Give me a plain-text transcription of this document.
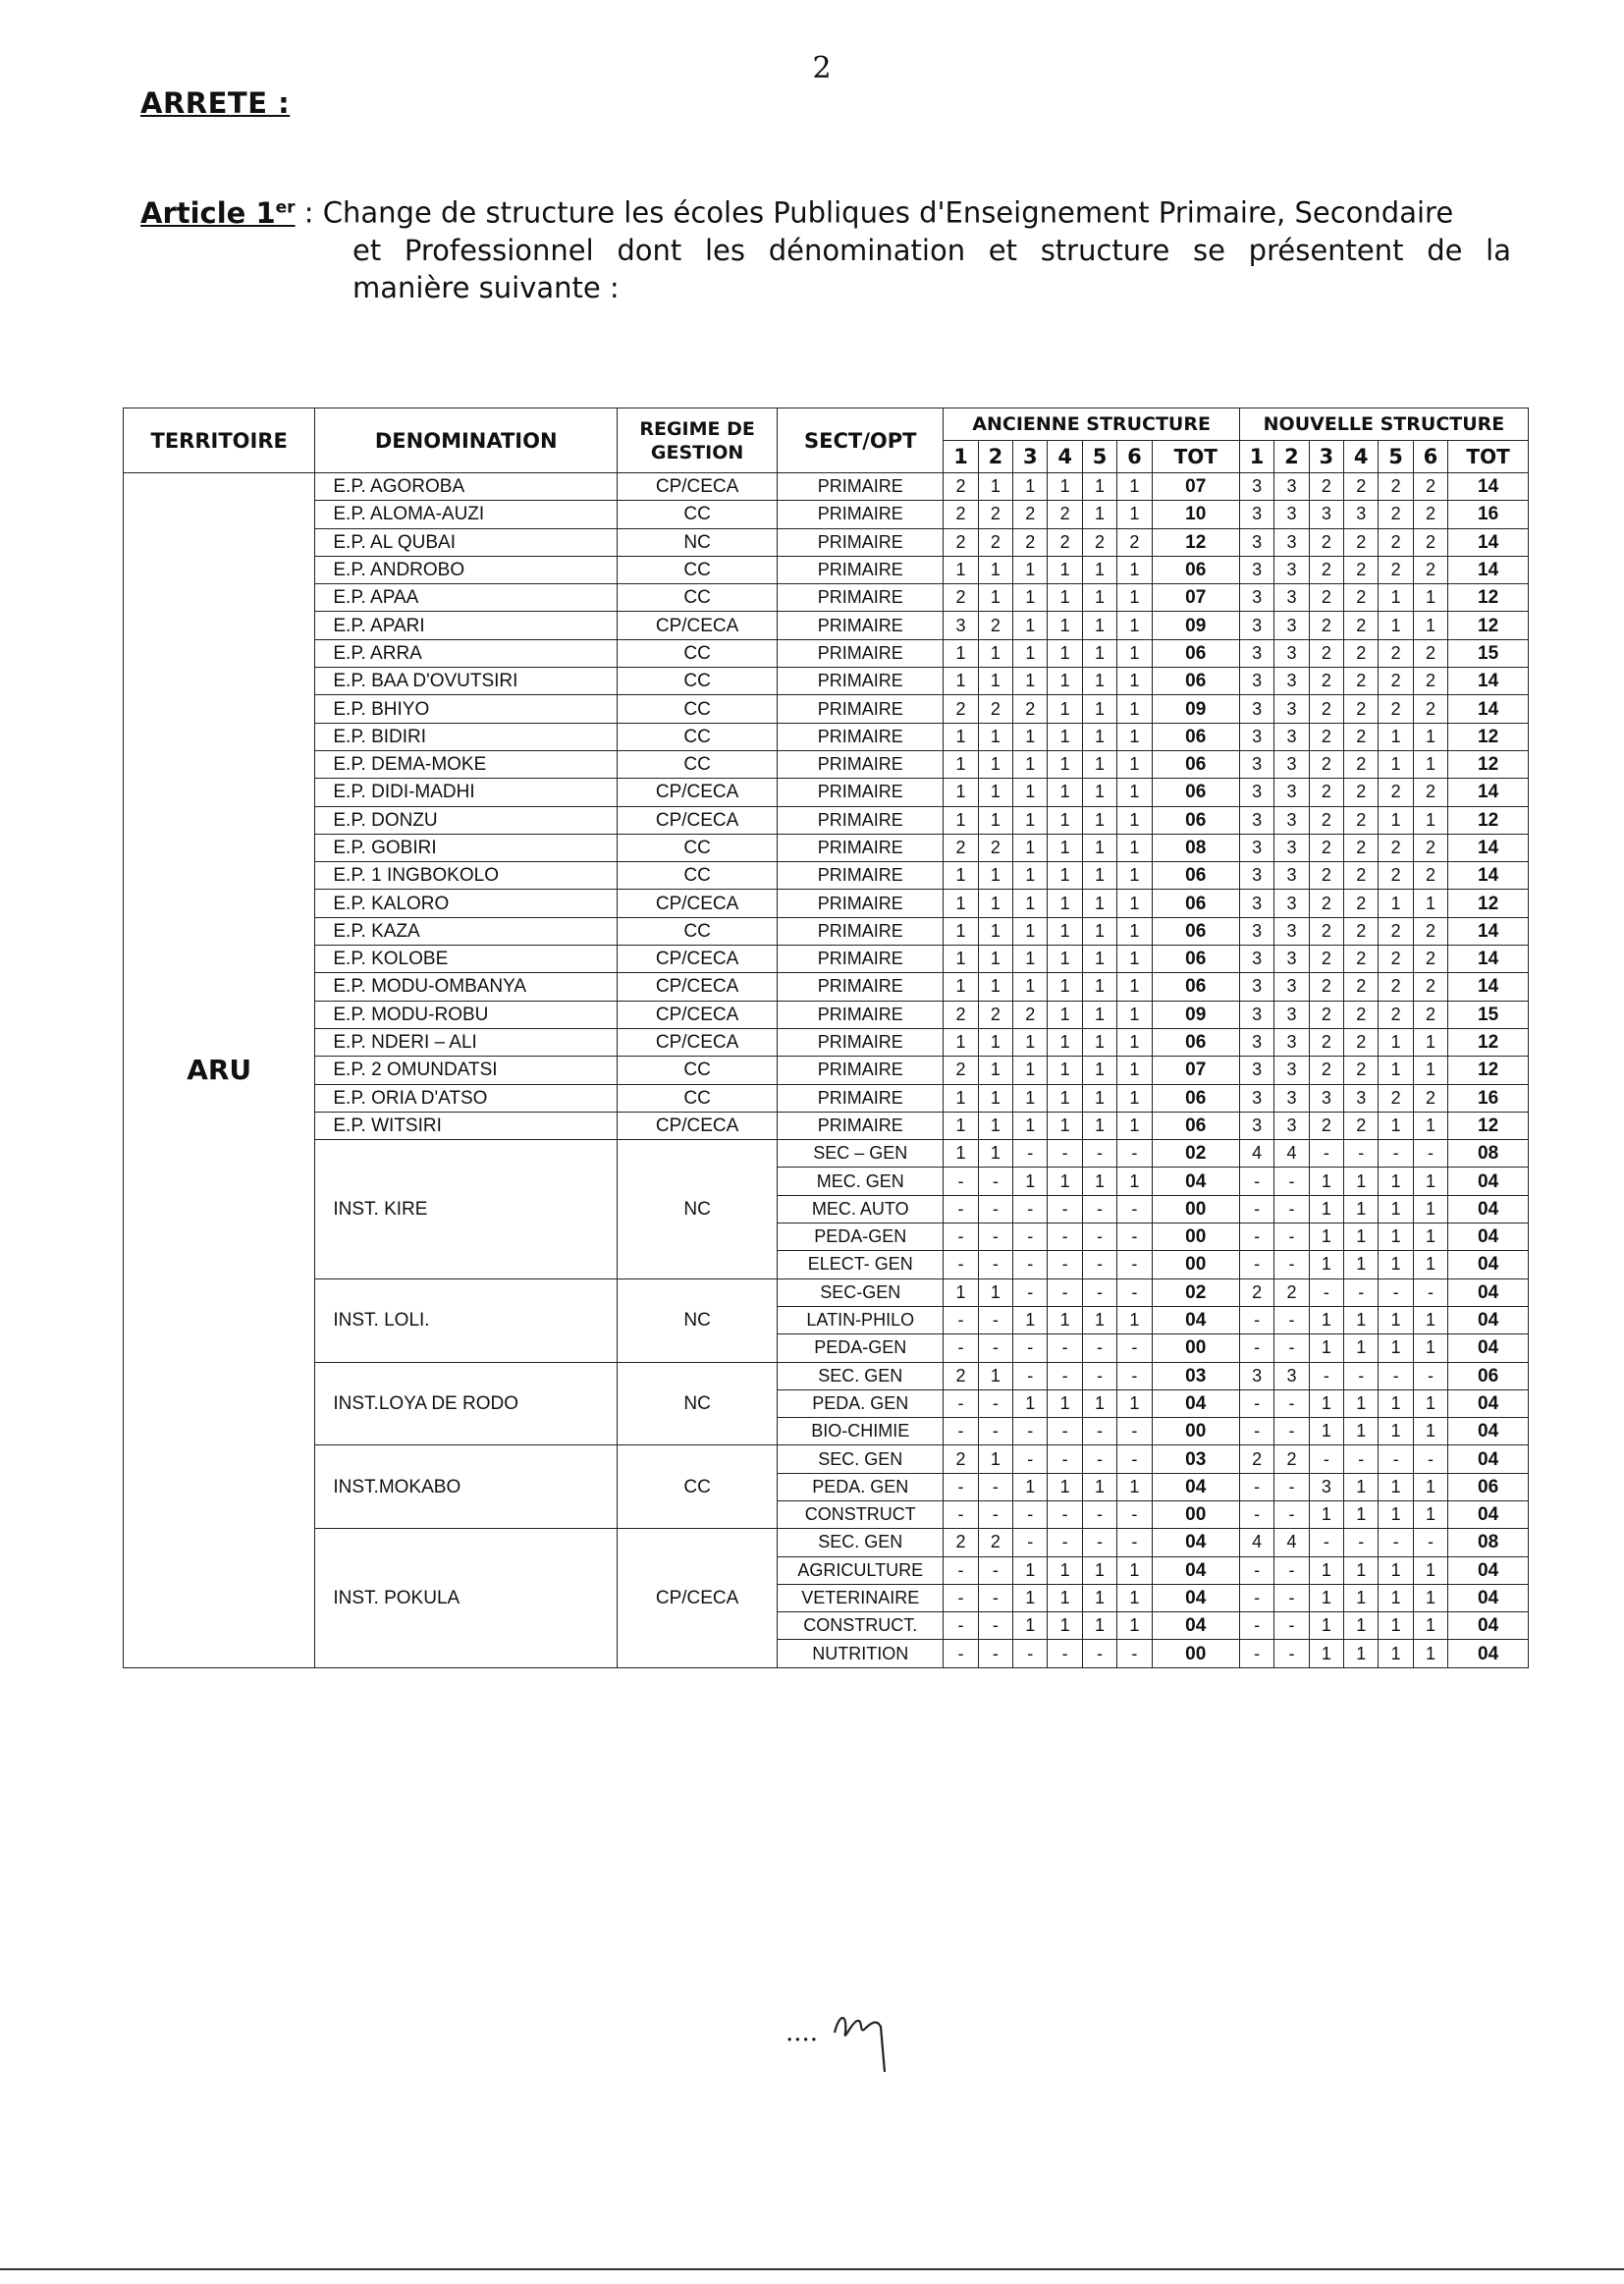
2
ARRETE :
Article 1er : Change de structure les écoles Publiques d'Enseignement Primaire, Secondaire
et Professionnel dont les dénomination et structure se présentent de la
manière suivante :
TERRITOIRE	DENOMINATION	REGIME DE GESTION	SECT/OPT	ANCIENNE STRUCTURE							NOUVELLE STRUCTURE						
				1	2	3	4	5	6	TOT	1	2	3	4	5	6	TOT
ARU	E.P. AGOROBA	CP/CECA	PRIMAIRE	2	1	1	1	1	1	07	3	3	2	2	2	2	14
	E.P. ALOMA-AUZI	CC	PRIMAIRE	2	2	2	2	1	1	10	3	3	3	3	2	2	16
	E.P. AL QUBAI	NC	PRIMAIRE	2	2	2	2	2	2	12	3	3	2	2	2	2	14
	E.P. ANDROBO	CC	PRIMAIRE	1	1	1	1	1	1	06	3	3	2	2	2	2	14
	E.P. APAA	CC	PRIMAIRE	2	1	1	1	1	1	07	3	3	2	2	1	1	12
	E.P. APARI	CP/CECA	PRIMAIRE	3	2	1	1	1	1	09	3	3	2	2	1	1	12
	E.P. ARRA	CC	PRIMAIRE	1	1	1	1	1	1	06	3	3	2	2	2	2	15
	E.P. BAA D'OVUTSIRI	CC	PRIMAIRE	1	1	1	1	1	1	06	3	3	2	2	2	2	14
	E.P. BHIYO	CC	PRIMAIRE	2	2	2	1	1	1	09	3	3	2	2	2	2	14
	E.P. BIDIRI	CC	PRIMAIRE	1	1	1	1	1	1	06	3	3	2	2	1	1	12
	E.P. DEMA-MOKE	CC	PRIMAIRE	1	1	1	1	1	1	06	3	3	2	2	1	1	12
	E.P. DIDI-MADHI	CP/CECA	PRIMAIRE	1	1	1	1	1	1	06	3	3	2	2	2	2	14
	E.P. DONZU	CP/CECA	PRIMAIRE	1	1	1	1	1	1	06	3	3	2	2	1	1	12
	E.P. GOBIRI	CC	PRIMAIRE	2	2	1	1	1	1	08	3	3	2	2	2	2	14
	E.P. 1 INGBOKOLO	CC	PRIMAIRE	1	1	1	1	1	1	06	3	3	2	2	2	2	14
	E.P. KALORO	CP/CECA	PRIMAIRE	1	1	1	1	1	1	06	3	3	2	2	1	1	12
	E.P. KAZA	CC	PRIMAIRE	1	1	1	1	1	1	06	3	3	2	2	2	2	14
	E.P. KOLOBE	CP/CECA	PRIMAIRE	1	1	1	1	1	1	06	3	3	2	2	2	2	14
	E.P. MODU-OMBANYA	CP/CECA	PRIMAIRE	1	1	1	1	1	1	06	3	3	2	2	2	2	14
	E.P. MODU-ROBU	CP/CECA	PRIMAIRE	2	2	2	1	1	1	09	3	3	2	2	2	2	15
	E.P. NDERI – ALI	CP/CECA	PRIMAIRE	1	1	1	1	1	1	06	3	3	2	2	1	1	12
	E.P. 2 OMUNDATSI	CC	PRIMAIRE	2	1	1	1	1	1	07	3	3	2	2	1	1	12
	E.P. ORIA D'ATSO	CC	PRIMAIRE	1	1	1	1	1	1	06	3	3	3	3	2	2	16
	E.P. WITSIRI	CP/CECA	PRIMAIRE	1	1	1	1	1	1	06	3	3	2	2	1	1	12
	INST. KIRE	NC	SEC – GEN	1	1	-	-	-	-	02	4	4	-	-	-	-	08
			MEC. GEN	-	-	1	1	1	1	04	-	-	1	1	1	1	04
			MEC. AUTO	-	-	-	-	-	-	00	-	-	1	1	1	1	04
			PEDA-GEN	-	-	-	-	-	-	00	-	-	1	1	1	1	04
			ELECT- GEN	-	-	-	-	-	-	00	-	-	1	1	1	1	04
	INST. LOLI.	NC	SEC-GEN	1	1	-	-	-	-	02	2	2	-	-	-	-	04
			LATIN-PHILO	-	-	1	1	1	1	04	-	-	1	1	1	1	04
			PEDA-GEN	-	-	-	-	-	-	00	-	-	1	1	1	1	04
	INST.LOYA DE RODO	NC	SEC. GEN	2	1	-	-	-	-	03	3	3	-	-	-	-	06
			PEDA. GEN	-	-	1	1	1	1	04	-	-	1	1	1	1	04
			BIO-CHIMIE	-	-	-	-	-	-	00	-	-	1	1	1	1	04
	INST.MOKABO	CC	SEC. GEN	2	1	-	-	-	-	03	2	2	-	-	-	-	04
			PEDA. GEN	-	-	1	1	1	1	04	-	-	3	1	1	1	06
			CONSTRUCT	-	-	-	-	-	-	00	-	-	1	1	1	1	04
	INST. POKULA	CP/CECA	SEC. GEN	2	2	-	-	-	-	04	4	4	-	-	-	-	08
			AGRICULTURE	-	-	1	1	1	1	04	-	-	1	1	1	1	04
			VETERINAIRE	-	-	1	1	1	1	04	-	-	1	1	1	1	04
			CONSTRUCT.	-	-	1	1	1	1	04	-	-	1	1	1	1	04
			NUTRITION	-	-	-	-	-	-	00	-	-	1	1	1	1	04
....
